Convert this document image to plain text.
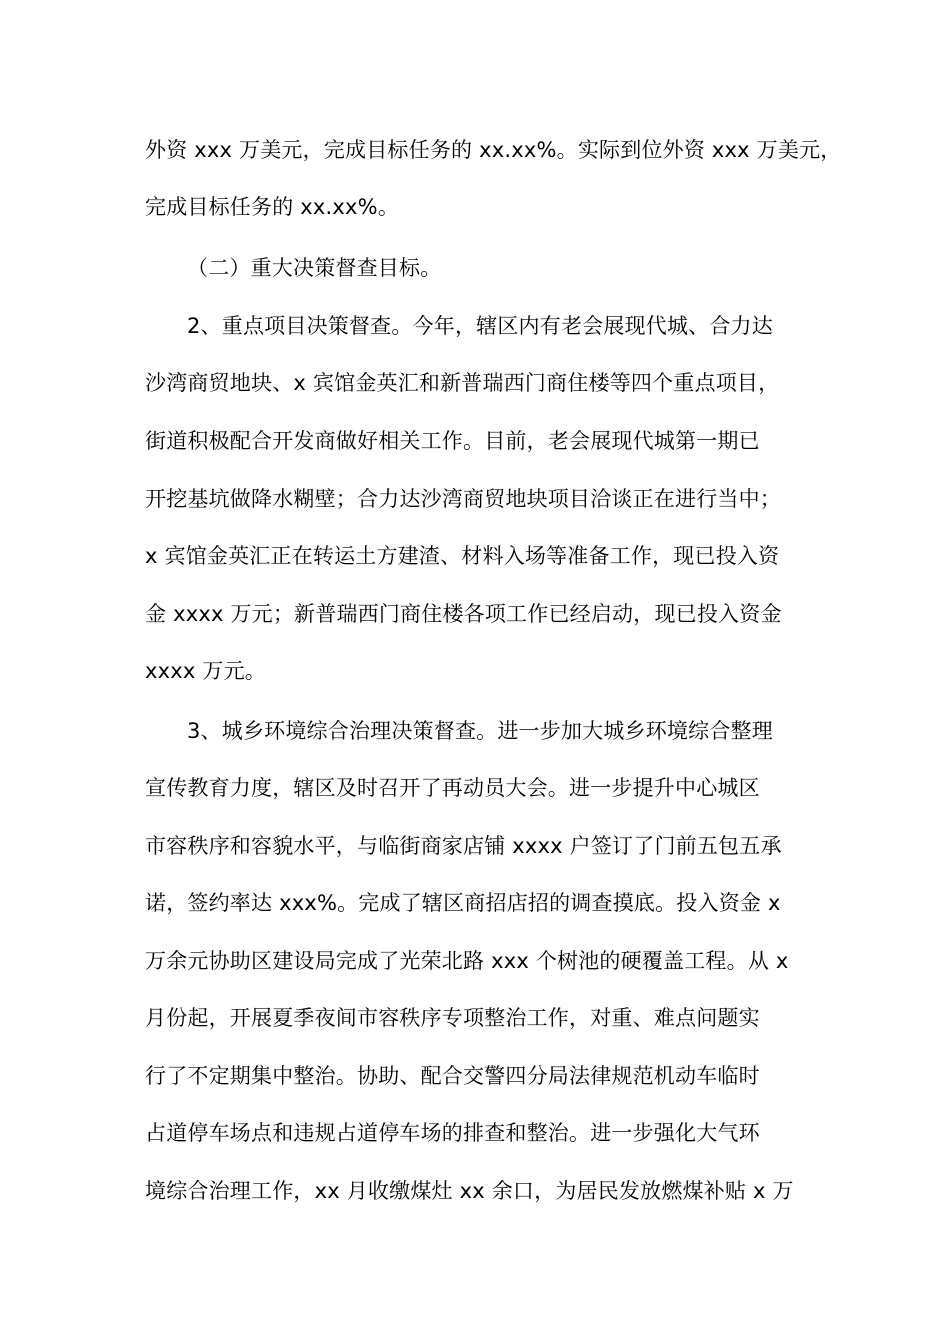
外资 xxx 万美元，完成目标任务的 xx.xx%。实际到位外资 xxx 万美元，
完成目标任务的 xx.xx%。
（二）重大决策督查目标。
2、重点项目决策督查。今年，辖区内有老会展现代城、合力达
沙湾商贸地块、x 宾馆金英汇和新普瑞西门商住楼等四个重点项目，
街道积极配合开发商做好相关工作。目前，老会展现代城第一期已
开挖基坑做降水糊壁；合力达沙湾商贸地块项目洽谈正在进行当中；
x 宾馆金英汇正在转运土方建渣、材料入场等准备工作，现已投入资
金 xxxx 万元；新普瑞西门商住楼各项工作已经启动，现已投入资金
xxxx 万元。
3、城乡环境综合治理决策督查。进一步加大城乡环境综合整理
宣传教育力度，辖区及时召开了再动员大会。进一步提升中心城区
市容秩序和容貌水平，与临街商家店铺 xxxx 户签订了门前五包五承
诺，签约率达 xxx%。完成了辖区商招店招的调查摸底。投入资金 x
万余元协助区建设局完成了光荣北路 xxx 个树池的硬覆盖工程。从 x
月份起，开展夏季夜间市容秩序专项整治工作，对重、难点问题实
行了不定期集中整治。协助、配合交警四分局法律规范机动车临时
占道停车场点和违规占道停车场的排查和整治。进一步强化大气环
境综合治理工作，xx 月收缴煤灶 xx 余口，为居民发放燃煤补贴 x 万
